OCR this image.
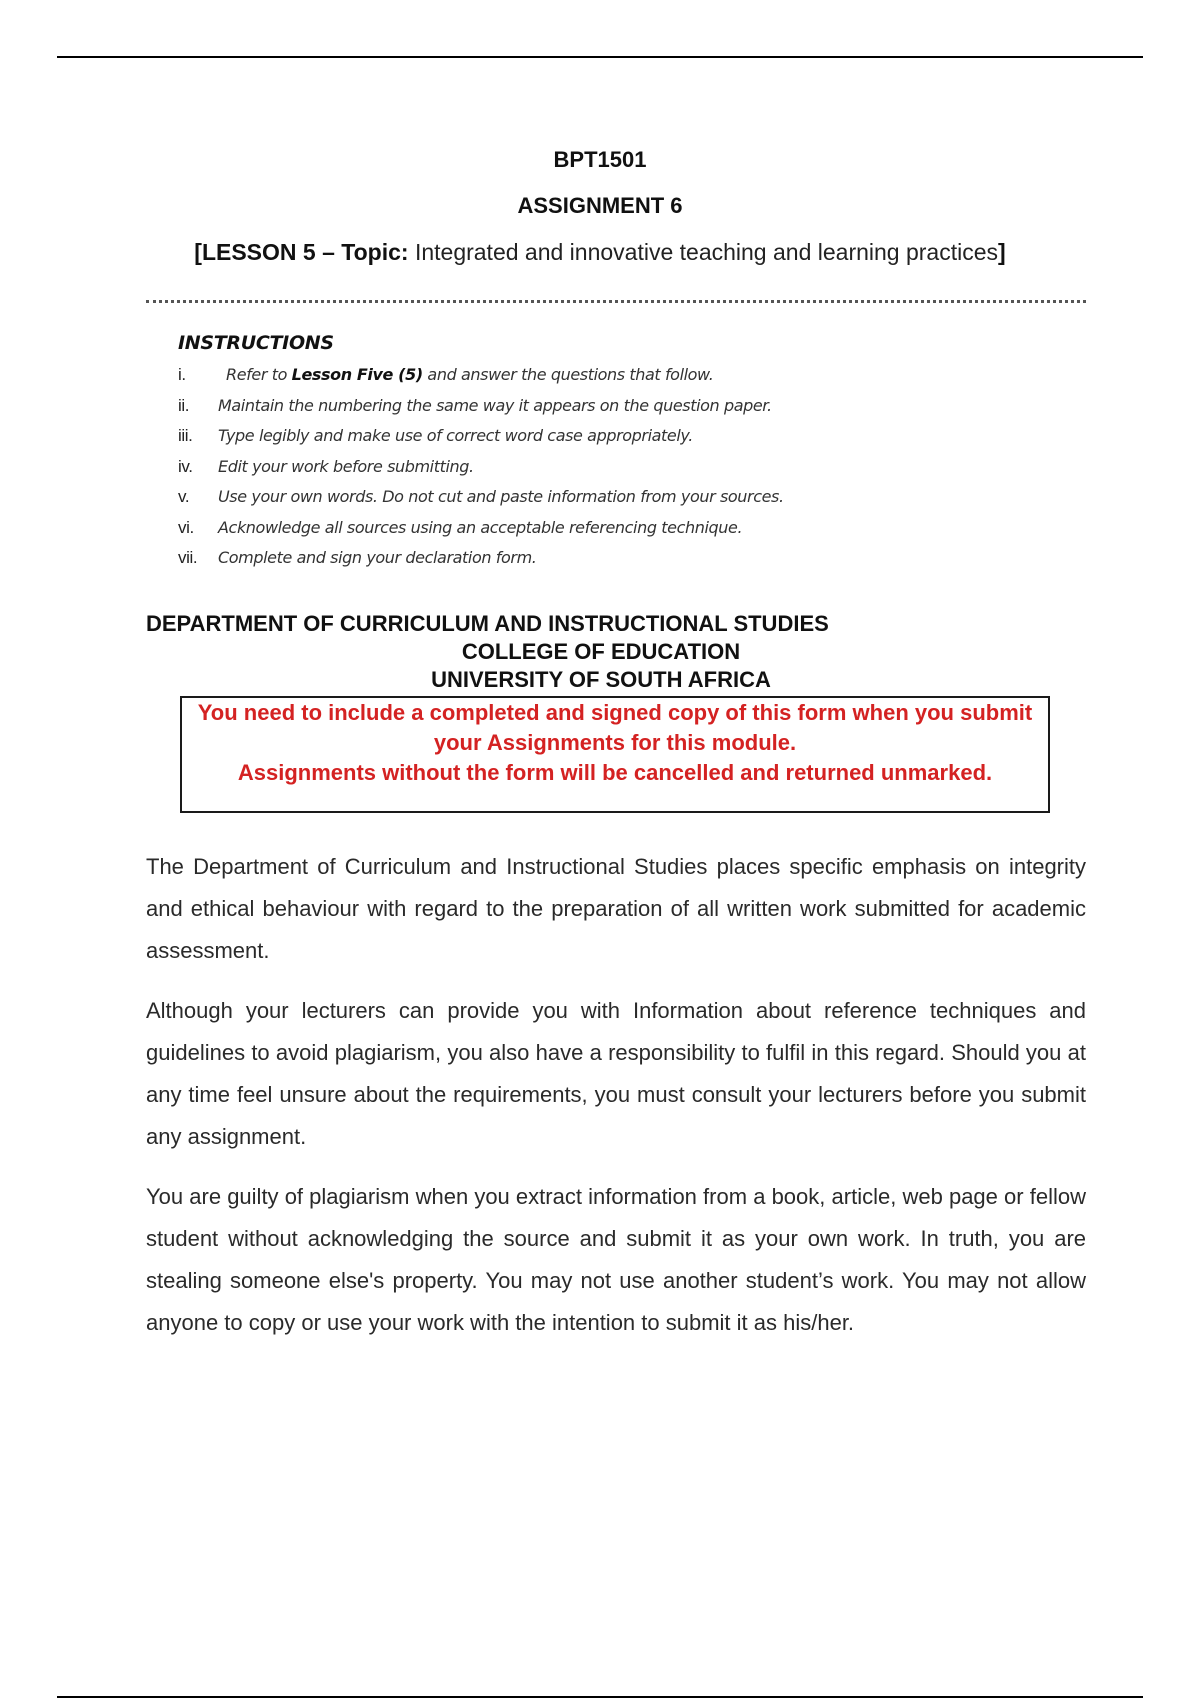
BPT1501
ASSIGNMENT 6
[LESSON 5 – Topic: Integrated and innovative teaching and learning practices]
INSTRUCTIONS
i.	Refer to Lesson Five (5) and answer the questions that follow.
ii.	Maintain the numbering the same way it appears on the question paper.
iii.	Type legibly and make use of correct word case appropriately.
iv.	Edit your work before submitting.
v.	Use your own words. Do not cut and paste information from your sources.
vi.	Acknowledge all sources using an acceptable referencing technique.
vii.	Complete and sign your declaration form.
DEPARTMENT OF CURRICULUM AND INSTRUCTIONAL STUDIES
COLLEGE OF EDUCATION
UNIVERSITY OF SOUTH AFRICA

You need to include a completed and signed copy of this form when you submit your Assignments for this module.

Assignments without the form will be cancelled and returned unmarked.

The Department of Curriculum and Instructional Studies places specific emphasis on integrity and ethical behaviour with regard to the preparation of all written work submitted for academic assessment.

Although your lecturers can provide you with Information about reference techniques and guidelines to avoid plagiarism, you also have a responsibility to fulfil in this regard. Should you at any time feel unsure about the requirements, you must consult your lecturers before you submit any assignment.

You are guilty of plagiarism when you extract information from a book, article, web page or fellow student without acknowledging the source and submit it as your own work. In truth, you are stealing someone else's property. You may not use another student’s work. You may not allow anyone to copy or use your work with the intention to submit it as his/her.
